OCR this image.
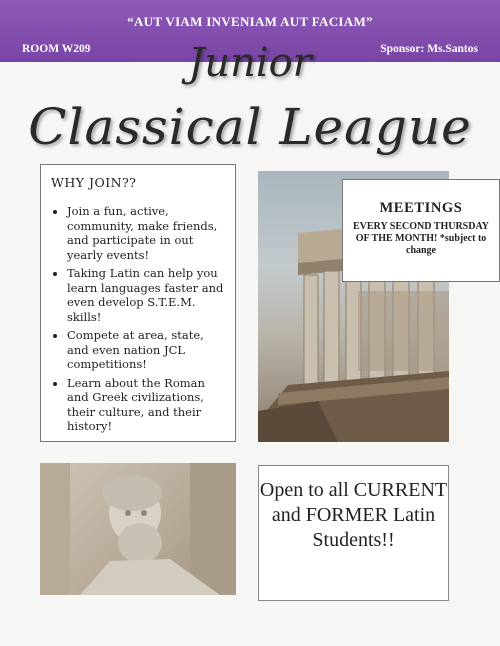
“AUT VIAM INVENIAM AUT FACIAM”
ROOM W209	Sponsor: Ms.Santos
Junior
Classical League
WHY JOIN??
• Join a fun, active, community, make friends, and participate in out yearly events!
• Taking Latin can help you learn languages faster and even develop S.T.E.M. skills!
• Compete at area, state, and even nation JCL competitions!
• Learn about the Roman and Greek civilizations, their culture, and their history!
MEETINGS
EVERY SECOND THURSDAY OF THE MONTH! *subject to change
Open to all CURRENT and FORMER Latin Students!!
